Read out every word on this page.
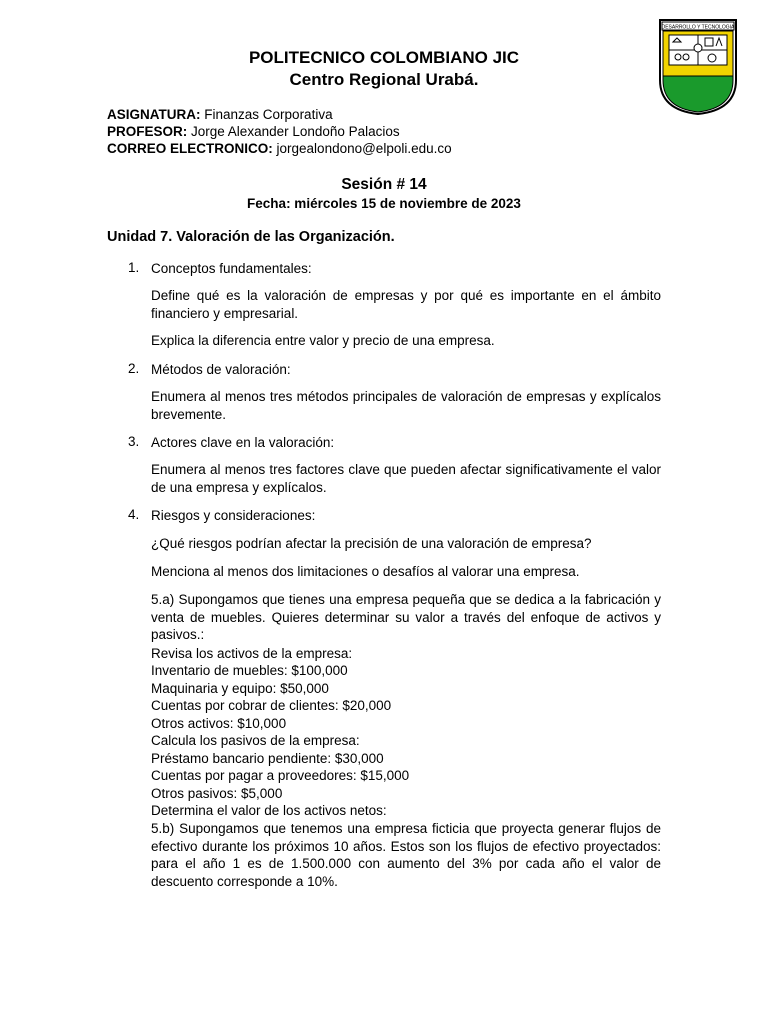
DESARROLLO Y TECNOLOGIA
POLITECNICO COLOMBIANO JIC
Centro Regional Urabá.
ASIGNATURA: Finanzas Corporativa
PROFESOR: Jorge Alexander Londoño Palacios
CORREO ELECTRONICO: jorgealondono@elpoli.edu.co
Sesión # 14
Fecha: miércoles 15 de noviembre de 2023
Unidad 7. Valoración de las Organización.
1. Conceptos fundamentales:
Define qué es la valoración de empresas y por qué es importante en el ámbito financiero y empresarial.
Explica la diferencia entre valor y precio de una empresa.
2. Métodos de valoración:
Enumera al menos tres métodos principales de valoración de empresas y explícalos brevemente.
3. Actores clave en la valoración:
Enumera al menos tres factores clave que pueden afectar significativamente el valor de una empresa y explícalos.
4. Riesgos y consideraciones:
¿Qué riesgos podrían afectar la precisión de una valoración de empresa?
Menciona al menos dos limitaciones o desafíos al valorar una empresa.
5.a) Supongamos que tienes una empresa pequeña que se dedica a la fabricación y venta de muebles. Quieres determinar su valor a través del enfoque de activos y pasivos.:
Revisa los activos de la empresa:
Inventario de muebles: $100,000
Maquinaria y equipo: $50,000
Cuentas por cobrar de clientes: $20,000
Otros activos: $10,000
Calcula los pasivos de la empresa:
Préstamo bancario pendiente: $30,000
Cuentas por pagar a proveedores: $15,000
Otros pasivos: $5,000
Determina el valor de los activos netos:
5.b) Supongamos que tenemos una empresa ficticia que proyecta generar flujos de efectivo durante los próximos 10 años. Estos son los flujos de efectivo proyectados: para el año 1 es de 1.500.000 con aumento del 3% por cada año el valor de descuento corresponde a 10%.
